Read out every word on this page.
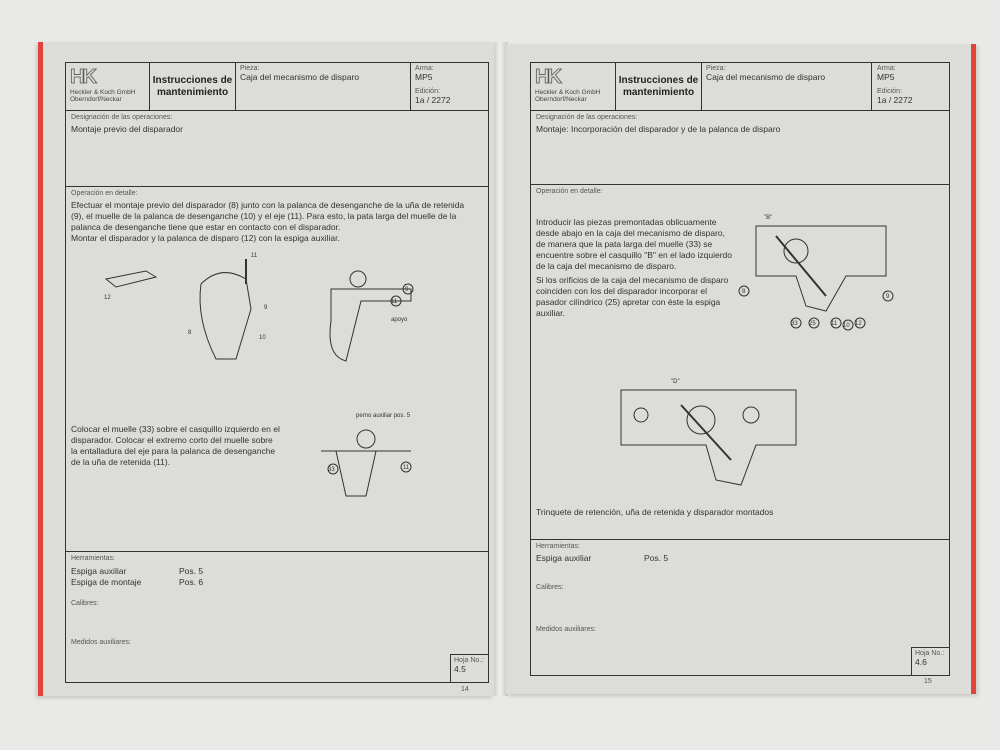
HK
Heckler & Koch GmbH
Oberndorf/Neckar
Instrucciones de
mantenimiento
Pieza:
Caja del mecanismo de disparo
Arma:
MP5
Edición:
1a / 2272
Designación de las operaciones:
Montaje previo del disparador
Operación en detalle:
Efectuar el montaje previo del disparador (8) junto con la palanca de desenganche de la uña de retenida (9), el muelle de la palanca de desenganche (10) y el eje (11). Para esto, la pata larga del muelle de la palanca de desenganche tiene que estar en contacto con el disparador.
Montar el disparador y la palanca de disparo (12) con la espiga auxiliar.
12
11
8
9
10
9
11
apoyo
Colocar el muelle (33) sobre el casquillo izquierdo en el disparador. Colocar el extremo corto del muelle sobre la entalladura del eje para la palanca de desenganche de la uña de retenida (11).
perno auxiliar pos. 5
33	11
Herramientas:
Espiga auxiliar	Pos. 5
Espiga de montaje	Pos. 6
Calibres:
Medidos auxiliares:
Hoja No.:
4.5
14
HK
Heckler & Koch GmbH
Oberndorf/Neckar
Instrucciones de
mantenimiento
Pieza:
Caja del mecanismo de disparo
Arma:
MP5
Edición:
1a / 2272
Designación de las operaciones:
Montaje: Incorporación del disparador y de la palanca de disparo
Operación en detalle:
Introducir las piezas premontadas oblicuamente desde abajo en la caja del mecanismo de disparo, de manera que la pata larga del muelle (33) se encuentre sobre el casquillo "B" en el lado izquierdo de la caja del mecanismo de disparo.
Si los orificios de la caja del mecanismo de disparo coinciden con los del disparador incorporar el pasador cilíndrico (25) apretar con éste la espiga auxiliar.
"B"
8
9
33 25	11 10 12
"D"
Trinquete de retención, uña de retenida y disparador montados
Herramientas:
Espiga auxiliar	Pos. 5
Calibres:
Medidos auxiliares:
Hoja No.:
4.6
15
